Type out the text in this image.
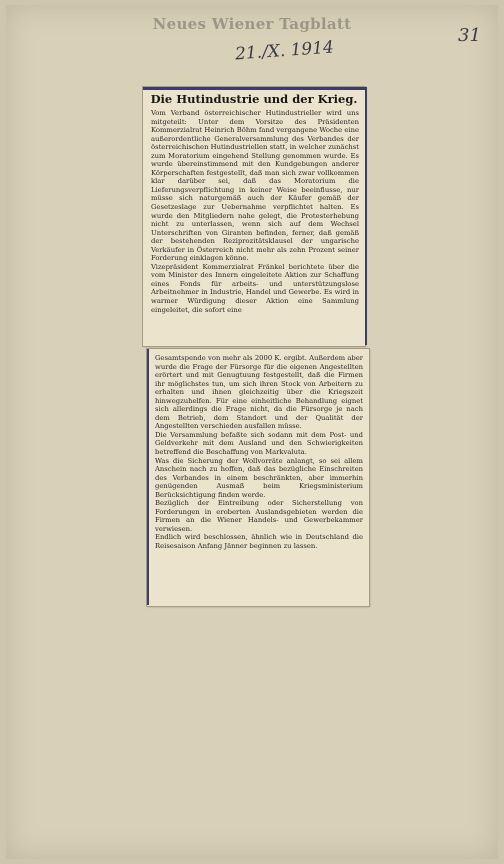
Neues Wiener Tagblatt
21./X. 1914
31
Die Hutindustrie und der Krieg.
Vom Verband österreichischer Hutindustrieller wird uns mitgeteilt: Unter dem Vorsitze des Präsidenten Kommerzialrat Heinrich Böhm fand vergangene Woche eine außerordentliche Generalversammlung des Verbandes der österreichischen Hutindustriellen statt, in welcher zunächst zum Moratorium eingehend Stellung genommen wurde. Es wurde übereinstimmend mit den Kundgebungen anderer Körperschaften festgestellt, daß man sich zwar vollkommen klar darüber sei, daß das Moratorium die Lieferungsverpflichtung in keiner Weise beeinflusse, nur müsse sich naturgemäß auch der Käufer gemäß der Gesetzeslage zur Uebernahme verpflichtet halten. Es wurde den Mitgliedern nahe gelegt, die Protesterhebung nicht zu unterlassen, wenn sich auf dem Wechsel Unterschriften von Giranten befinden, ferner, daß gemäß der bestehenden Reziprozitätsklausel der ungarische Verkäufer in Österreich nicht mehr als zehn Prozent seiner Forderung einklagen könne.
Vizepräsident Kommerzialrat Fränkel berichtete über die vom Minister des Innern eingeleitete Aktion zur Schaffung eines Fonds für arbeits- und unterstützungslose Arbeitnehmer in Industrie, Handel und Gewerbe. Es wird in warmer Würdigung dieser Aktion eine Sammlung eingeleitet, die sofort eine
Gesamtspende von mehr als 2000 K. ergibt. Außerdem aber wurde die Frage der Fürsorge für die eigenen Angestellten erörtert und mit Genugtuung festgestellt, daß die Firmen ihr möglichstes tun, um sich ihren Stock von Arbeitern zu erhalten und ihnen gleichzeitig über die Kriegszeit hinwegzuhelfen. Für eine einheitliche Behandlung eignet sich allerdings die Frage nicht, da die Fürsorge je nach dem Betrieb, dem Standort und der Qualität der Angestellten verschieden ausfallen müsse.
Die Versammlung befaßte sich sodann mit dem Post- und Geldverkehr mit dem Ausland und den Schwierigkeiten betreffend die Beschaffung von Markvaluta.
Was die Sicherung der Wollvorräte anlangt, so sei allem Anschein nach zu hoffen, daß das bezügliche Einschreiten des Verbandes in einem beschränkten, aber immerhin genügenden Ausmaß beim Kriegsministerium Berücksichtigung finden werde.
Bezüglich der Eintreibung oder Sicherstellung von Forderungen in eroberten Auslandsgebieten werden die Firmen an die Wiener Handels- und Gewerbekammer verwiesen.
Endlich wird beschlossen, ähnlich wie in Deutschland die Reisesaison Anfang Jänner beginnen zu lassen.
